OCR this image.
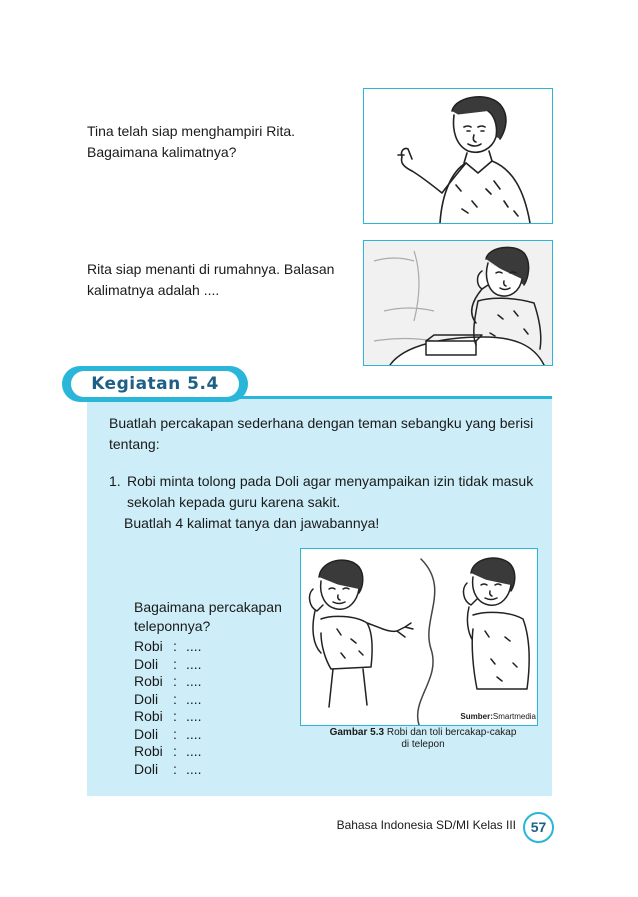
Tina telah siap menghampiri Rita.
Bagaimana kalimatnya?
Rita siap menanti di rumahnya. Balasan
kalimatnya adalah ....
Kegiatan 5.4
Buatlah percakapan sederhana dengan teman sebangku yang berisi
tentang:
1. Robi minta tolong pada Doli agar menyampaikan izin tidak masuk
sekolah kepada guru karena sakit.
Buatlah 4 kalimat tanya dan jawabannya!
Bagaimana percakapan
teleponnya?
Robi : ....
Doli	: ....
Robi : ....
Doli	: ....
Robi : ....
Doli	: ....
Robi : ....
Doli	: ....
Sumber:Smartmedia
Gambar 5.3 Robi dan toli bercakap-cakap
di telepon
Bahasa Indonesia SD/MI Kelas III	57
